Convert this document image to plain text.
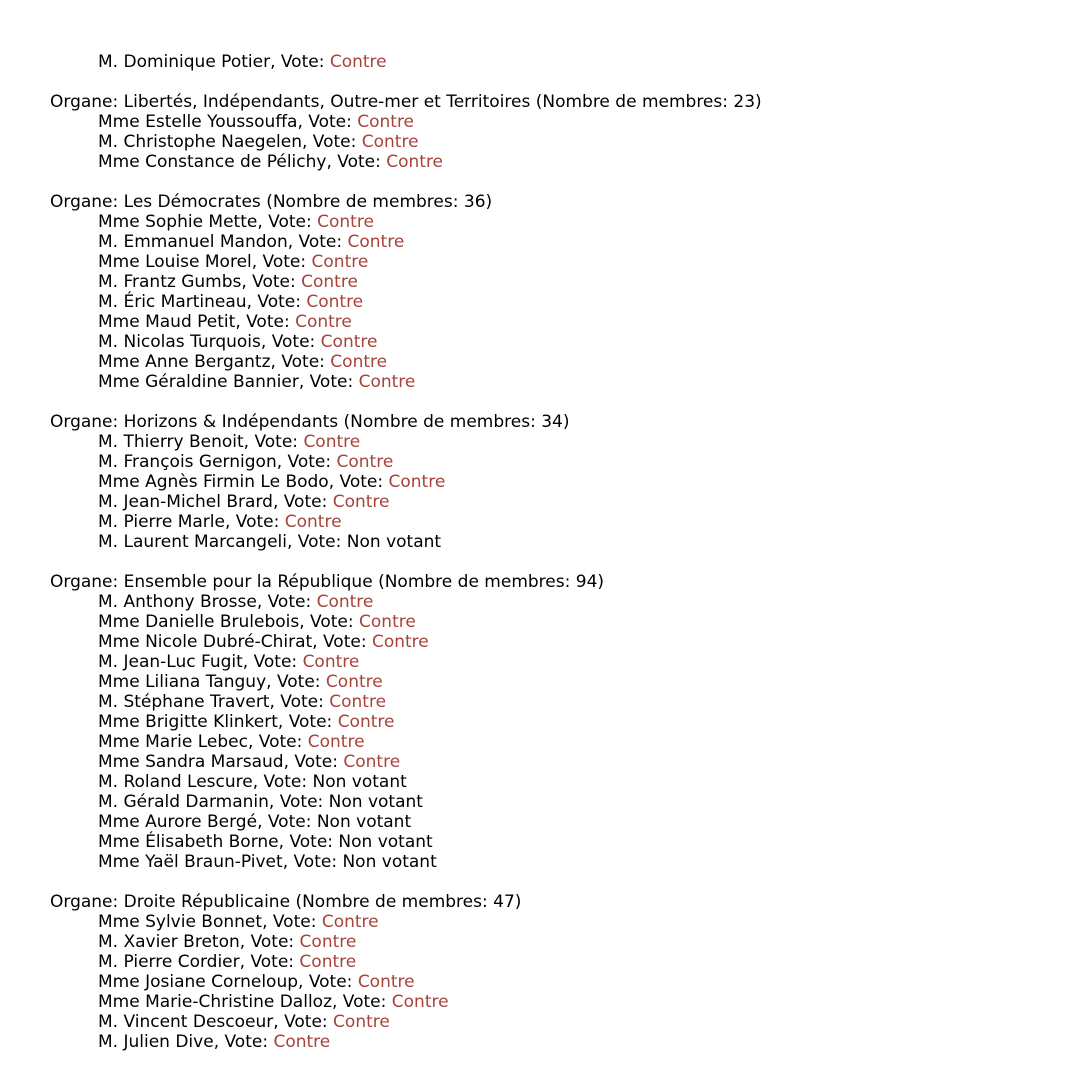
M. Dominique Potier, Vote: Contre
Organe: Libertés, Indépendants, Outre-mer et Territoires (Nombre de membres: 23)
Mme Estelle Youssouffa, Vote: Contre
M. Christophe Naegelen, Vote: Contre
Mme Constance de Pélichy, Vote: Contre
Organe: Les Démocrates (Nombre de membres: 36)
Mme Sophie Mette, Vote: Contre
M. Emmanuel Mandon, Vote: Contre
Mme Louise Morel, Vote: Contre
M. Frantz Gumbs, Vote: Contre
M. Éric Martineau, Vote: Contre
Mme Maud Petit, Vote: Contre
M. Nicolas Turquois, Vote: Contre
Mme Anne Bergantz, Vote: Contre
Mme Géraldine Bannier, Vote: Contre
Organe: Horizons & Indépendants (Nombre de membres: 34)
M. Thierry Benoit, Vote: Contre
M. François Gernigon, Vote: Contre
Mme Agnès Firmin Le Bodo, Vote: Contre
M. Jean-Michel Brard, Vote: Contre
M. Pierre Marle, Vote: Contre
M. Laurent Marcangeli, Vote: Non votant
Organe: Ensemble pour la République (Nombre de membres: 94)
M. Anthony Brosse, Vote: Contre
Mme Danielle Brulebois, Vote: Contre
Mme Nicole Dubré-Chirat, Vote: Contre
M. Jean-Luc Fugit, Vote: Contre
Mme Liliana Tanguy, Vote: Contre
M. Stéphane Travert, Vote: Contre
Mme Brigitte Klinkert, Vote: Contre
Mme Marie Lebec, Vote: Contre
Mme Sandra Marsaud, Vote: Contre
M. Roland Lescure, Vote: Non votant
M. Gérald Darmanin, Vote: Non votant
Mme Aurore Bergé, Vote: Non votant
Mme Élisabeth Borne, Vote: Non votant
Mme Yaël Braun-Pivet, Vote: Non votant
Organe: Droite Républicaine (Nombre de membres: 47)
Mme Sylvie Bonnet, Vote: Contre
M. Xavier Breton, Vote: Contre
M. Pierre Cordier, Vote: Contre
Mme Josiane Corneloup, Vote: Contre
Mme Marie-Christine Dalloz, Vote: Contre
M. Vincent Descoeur, Vote: Contre
M. Julien Dive, Vote: Contre
